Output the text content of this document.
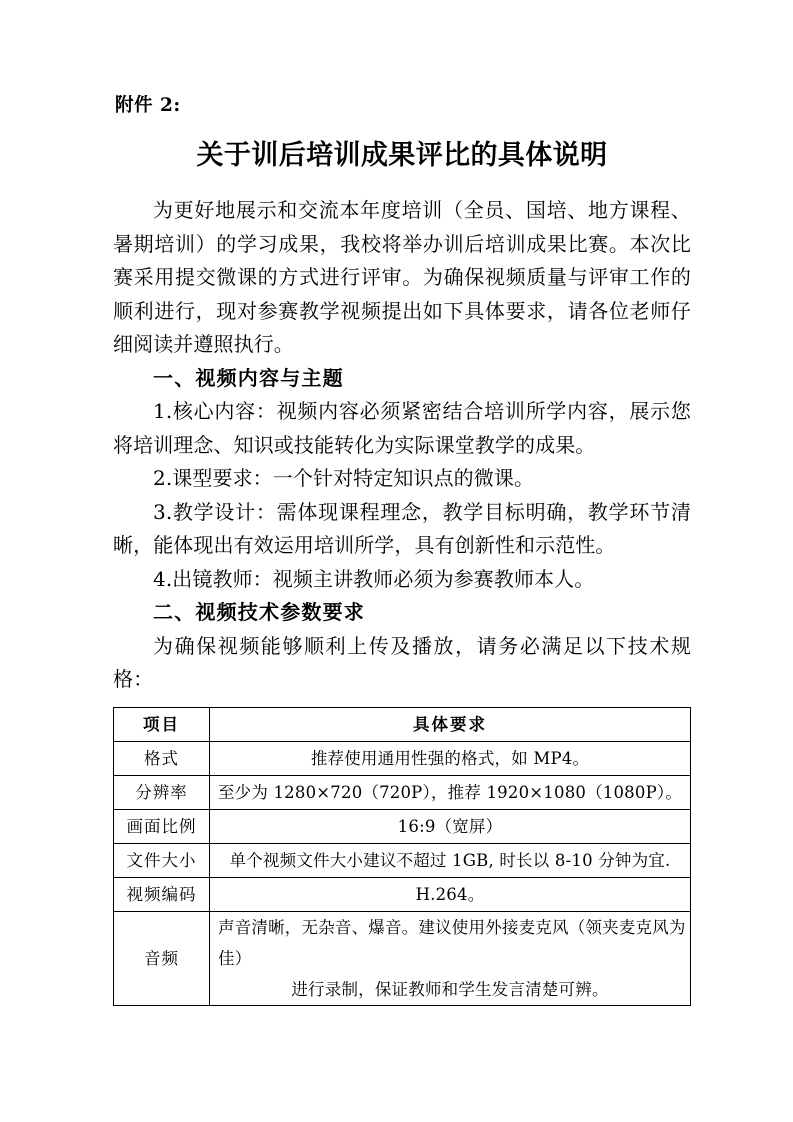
附件 2:
关于训后培训成果评比的具体说明

为更好地展示和交流本年度培训（全员、国培、地方课程、暑期培训）的学习成果，我校将举办训后培训成果比赛。本次比赛采用提交微课的方式进行评审。为确保视频质量与评审工作的顺利进行，现对参赛教学视频提出如下具体要求，请各位老师仔细阅读并遵照执行。

一、视频内容与主题

1.核心内容：视频内容必须紧密结合培训所学内容，展示您将培训理念、知识或技能转化为实际课堂教学的成果。

2.课型要求：一个针对特定知识点的微课。

3.教学设计：需体现课程理念，教学目标明确，教学环节清晰，能体现出有效运用培训所学，具有创新性和示范性。

4.出镜教师：视频主讲教师必须为参赛教师本人。

二、视频技术参数要求

为确保视频能够顺利上传及播放，请务必满足以下技术规格：

项目	具体要求
格式	推荐使用通用性强的格式，如 MP4。
分辨率	至少为 1280×720（720P），推荐 1920×1080（1080P）。
画面比例	16:9（宽屏）
文件大小	单个视频文件大小建议不超过 1GB, 时长以 8-10 分钟为宜.
视频编码	H.264。
音频	声音清晰，无杂音、爆音。建议使用外接麦克风（领夹麦克风为佳）
进行录制，保证教师和学生发言清楚可辨。
